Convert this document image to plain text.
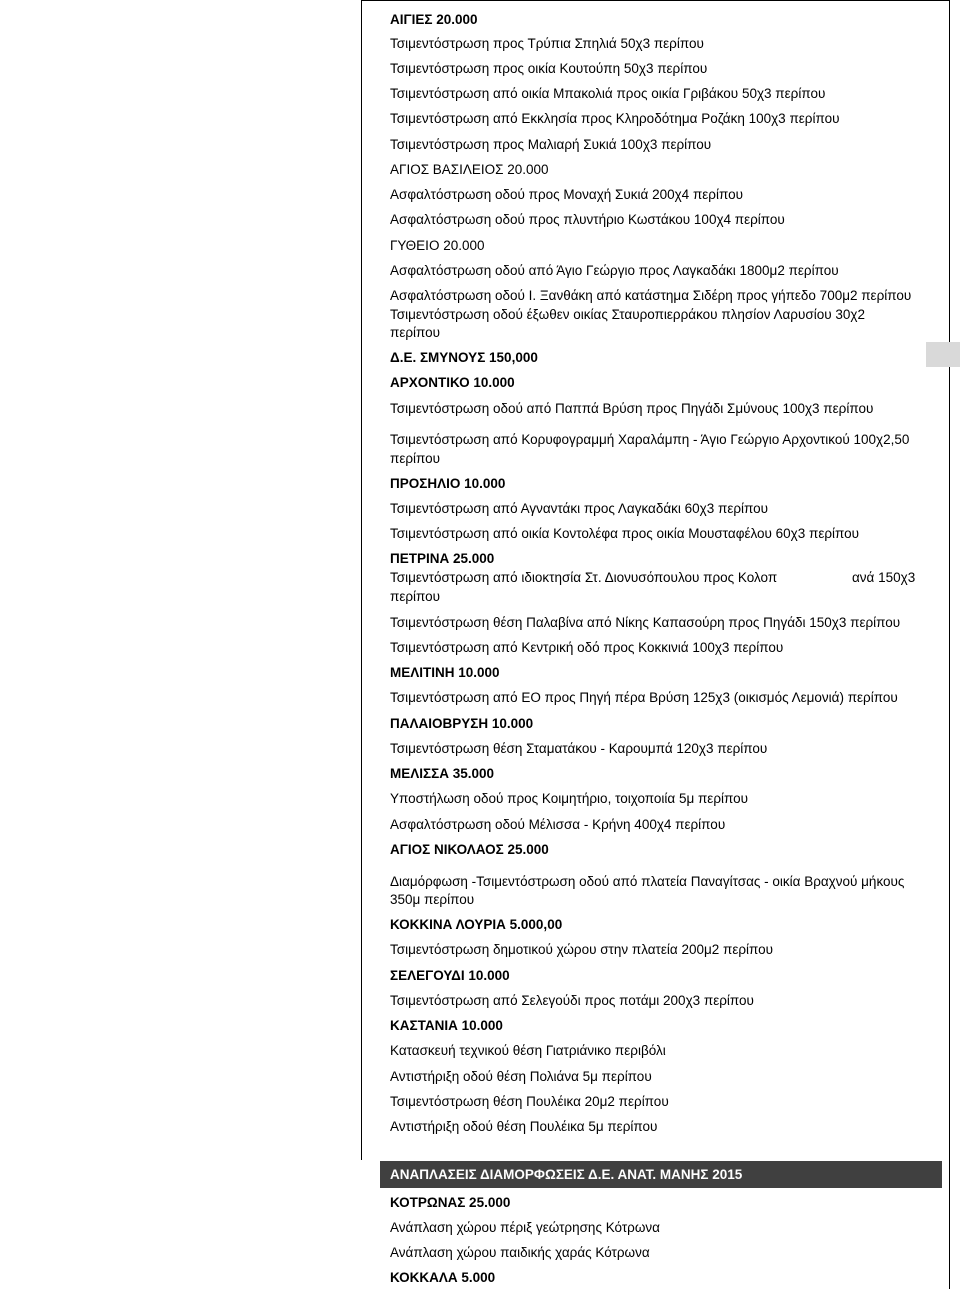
ΑΙΓΙΕΣ 20.000
Τσιμεντόστρωση προς Τρύπια Σπηλιά 50χ3 περίπου
Τσιμεντόστρωση προς οικία Κουτούπη 50χ3 περίπου
Τσιμεντόστρωση από οικία Μπακολιά προς οικία Γριβάκου 50χ3 περίπου
Τσιμεντόστρωση από Εκκλησία προς Κληροδότημα Ροζάκη 100χ3 περίπου
Τσιμεντόστρωση προς Μαλιαρή Συκιά 100χ3 περίπου
ΑΓΙΟΣ ΒΑΣΙΛΕΙΟΣ 20.000
Ασφαλτόστρωση οδού προς Μοναχή Συκιά 200χ4 περίπου
Ασφαλτόστρωση οδού προς πλυντήριο Κωστάκου 100χ4 περίπου
ΓΥΘΕΙΟ 20.000
Ασφαλτόστρωση οδού από Άγιο Γεώργιο προς Λαγκαδάκι 1800μ2 περίπου
Ασφαλτόστρωση οδού Ι. Ξανθάκη από κατάστημα Σιδέρη προς γήπεδο 700μ2 περίπου
Τσιμεντόστρωση οδού έξωθεν οικίας Σταυροπιερράκου πλησίον Λαρυσίου 30χ2
περίπου
Δ.Ε. ΣΜΥΝΟΥΣ 150,000
ΑΡΧΟΝΤΙΚΟ 10.000
Τσιμεντόστρωση οδού από Παππά Βρύση προς Πηγάδι Σμύνους 100χ3 περίπου
Τσιμεντόστρωση από Κορυφογραμμή Χαραλάμπη - Άγιο Γεώργιο Αρχοντικού 100χ2,50
περίπου
ΠΡΟΣΗΛΙΟ 10.000
Τσιμεντόστρωση από Αγναντάκι προς Λαγκαδάκι 60χ3 περίπου
Τσιμεντόστρωση από οικία Κοντολέφα προς οικία Μουσταφέλου 60χ3 περίπου
ΠΕΤΡΙΝΑ 25.000
Τσιμεντόστρωση από ιδιοκτησία Στ. Διονυσόπουλου προς Κολοπ	ανά 150χ3
περίπου
Τσιμεντόστρωση θέση Παλαβίνα από Νίκης Καπασούρη προς Πηγάδι 150χ3 περίπου
Τσιμεντόστρωση από Κεντρική οδό προς Κοκκινιά 100χ3 περίπου
ΜΕΛΙΤΙΝΗ 10.000
Τσιμεντόστρωση από ΕΟ προς Πηγή πέρα Βρύση 125χ3 (οικισμός Λεμονιά) περίπου
ΠΑΛΑΙΟΒΡΥΣΗ 10.000
Τσιμεντόστρωση θέση Σταματάκου - Καρουμπά 120χ3 περίπου
ΜΕΛΙΣΣΑ 35.000
Υποστήλωση οδού προς Κοιμητήριο, τοιχοποιία 5μ περίπου
Ασφαλτόστρωση οδού Μέλισσα - Κρήνη 400χ4 περίπου
ΑΓΙΟΣ ΝΙΚΟΛΑΟΣ 25.000
Διαμόρφωση -Τσιμεντόστρωση οδού από πλατεία Παναγίτσας - οικία Βραχνού μήκους
350μ περίπου
ΚΟΚΚΙΝΑ ΛΟΥΡΙΑ 5.000,00
Τσιμεντόστρωση δημοτικού χώρου στην πλατεία 200μ2 περίπου
ΣΕΛΕΓΟΥΔΙ 10.000
Τσιμεντόστρωση από Σελεγούδι προς ποτάμι 200χ3 περίπου
ΚΑΣΤΑΝΙΑ 10.000
Κατασκευή τεχνικού θέση Γιατριάνικο περιβόλι
Αντιστήριξη οδού θέση Πολιάνα 5μ περίπου
Τσιμεντόστρωση θέση Πουλέικα 20μ2 περίπου
Αντιστήριξη οδού θέση Πουλέικα 5μ περίπου
ΑΝΑΠΛΑΣΕΙΣ ΔΙΑΜΟΡΦΩΣΕΙΣ Δ.Ε. ΑΝΑΤ. ΜΑΝΗΣ 2015
ΚΟΤΡΩΝΑΣ 25.000
Ανάπλαση χώρου πέριξ γεώτρησης Κότρωνα
Ανάπλαση χώρου παιδικής χαράς Κότρωνα
ΚΟΚΚΑΛΑ 5.000
